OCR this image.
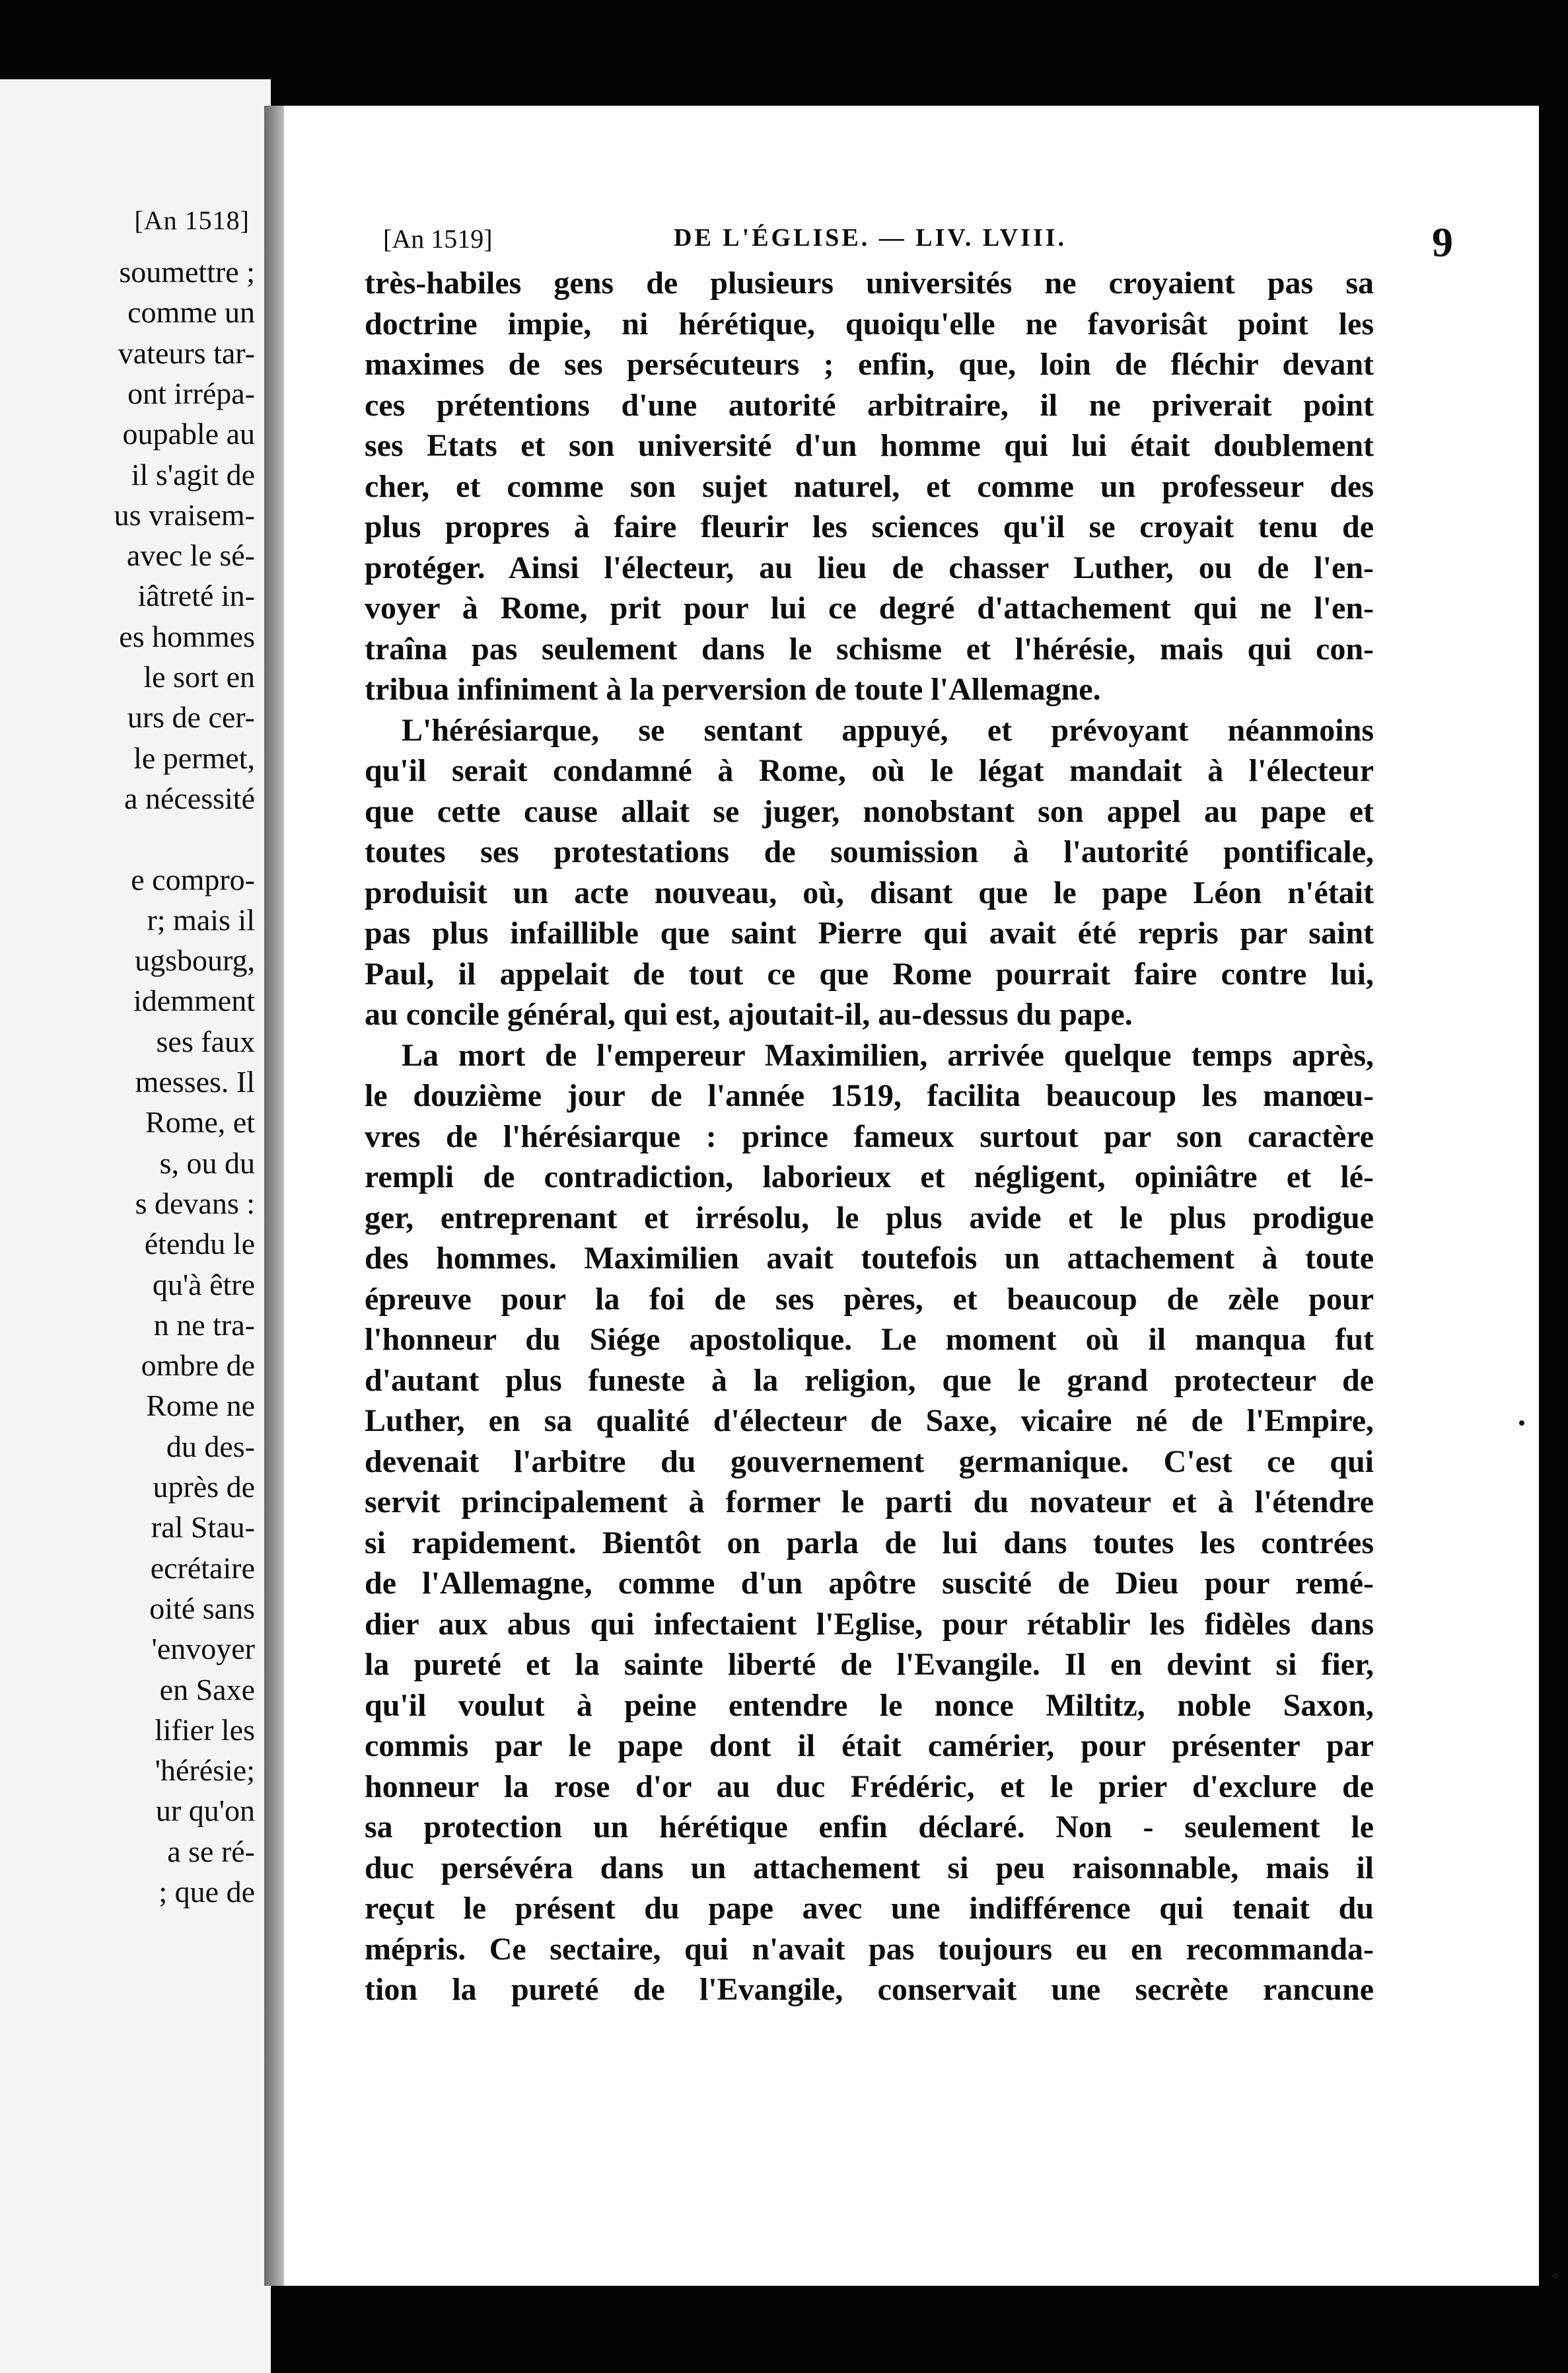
[An 1518]
soumettre ;
comme un
vateurs tar-
ont irrépa-
oupable au
il s'agit de
us vraisem-
avec le sé-
iâtreté in-
es hommes
le sort en
urs de cer-
le permet,
a nécessité
e compro-
r; mais il
ugsbourg,
idemment
ses faux
messes. Il
Rome, et
s, ou du
s devans :
étendu le
qu'à être
n ne tra-
ombre de
Rome ne
du des-
uprès de
ral Stau-
ecrétaire
oité sans
'envoyer
en Saxe
lifier les
'hérésie;
ur qu'on
a se ré-
; que de
[An 1519]	DE L'ÉGLISE. — LIV. LVIII.	9
très-habiles gens de plusieurs universités ne croyaient pas sa
doctrine impie, ni hérétique, quoiqu'elle ne favorisât point les
maximes de ses persécuteurs ; enfin, que, loin de fléchir devant
ces prétentions d'une autorité arbitraire, il ne priverait point
ses Etats et son université d'un homme qui lui était doublement
cher, et comme son sujet naturel, et comme un professeur des
plus propres à faire fleurir les sciences qu'il se croyait tenu de
protéger. Ainsi l'électeur, au lieu de chasser Luther, ou de l'en-
voyer à Rome, prit pour lui ce degré d'attachement qui ne l'en-
traîna pas seulement dans le schisme et l'hérésie, mais qui con-
tribua infiniment à la perversion de toute l'Allemagne.
L'hérésiarque, se sentant appuyé, et prévoyant néanmoins
qu'il serait condamné à Rome, où le légat mandait à l'électeur
que cette cause allait se juger, nonobstant son appel au pape et
toutes ses protestations de soumission à l'autorité pontificale,
produisit un acte nouveau, où, disant que le pape Léon n'était
pas plus infaillible que saint Pierre qui avait été repris par saint
Paul, il appelait de tout ce que Rome pourrait faire contre lui,
au concile général, qui est, ajoutait-il, au-dessus du pape.
La mort de l'empereur Maximilien, arrivée quelque temps après,
le douzième jour de l'année 1519, facilita beaucoup les manœu-
vres de l'hérésiarque : prince fameux surtout par son caractère
rempli de contradiction, laborieux et négligent, opiniâtre et lé-
ger, entreprenant et irrésolu, le plus avide et le plus prodigue
des hommes. Maximilien avait toutefois un attachement à toute
épreuve pour la foi de ses pères, et beaucoup de zèle pour
l'honneur du Siége apostolique. Le moment où il manqua fut
d'autant plus funeste à la religion, que le grand protecteur de
Luther, en sa qualité d'électeur de Saxe, vicaire né de l'Empire,
devenait l'arbitre du gouvernement germanique. C'est ce qui
servit principalement à former le parti du novateur et à l'étendre
si rapidement. Bientôt on parla de lui dans toutes les contrées
de l'Allemagne, comme d'un apôtre suscité de Dieu pour remé-
dier aux abus qui infectaient l'Eglise, pour rétablir les fidèles dans
la pureté et la sainte liberté de l'Evangile. Il en devint si fier,
qu'il voulut à peine entendre le nonce Miltitz, noble Saxon,
commis par le pape dont il était camérier, pour présenter par
honneur la rose d'or au duc Frédéric, et le prier d'exclure de
sa protection un hérétique enfin déclaré. Non - seulement le
duc persévéra dans un attachement si peu raisonnable, mais il
reçut le présent du pape avec une indifférence qui tenait du
mépris. Ce sectaire, qui n'avait pas toujours eu en recommanda-
tion la pureté de l'Evangile, conservait une secrète rancune
